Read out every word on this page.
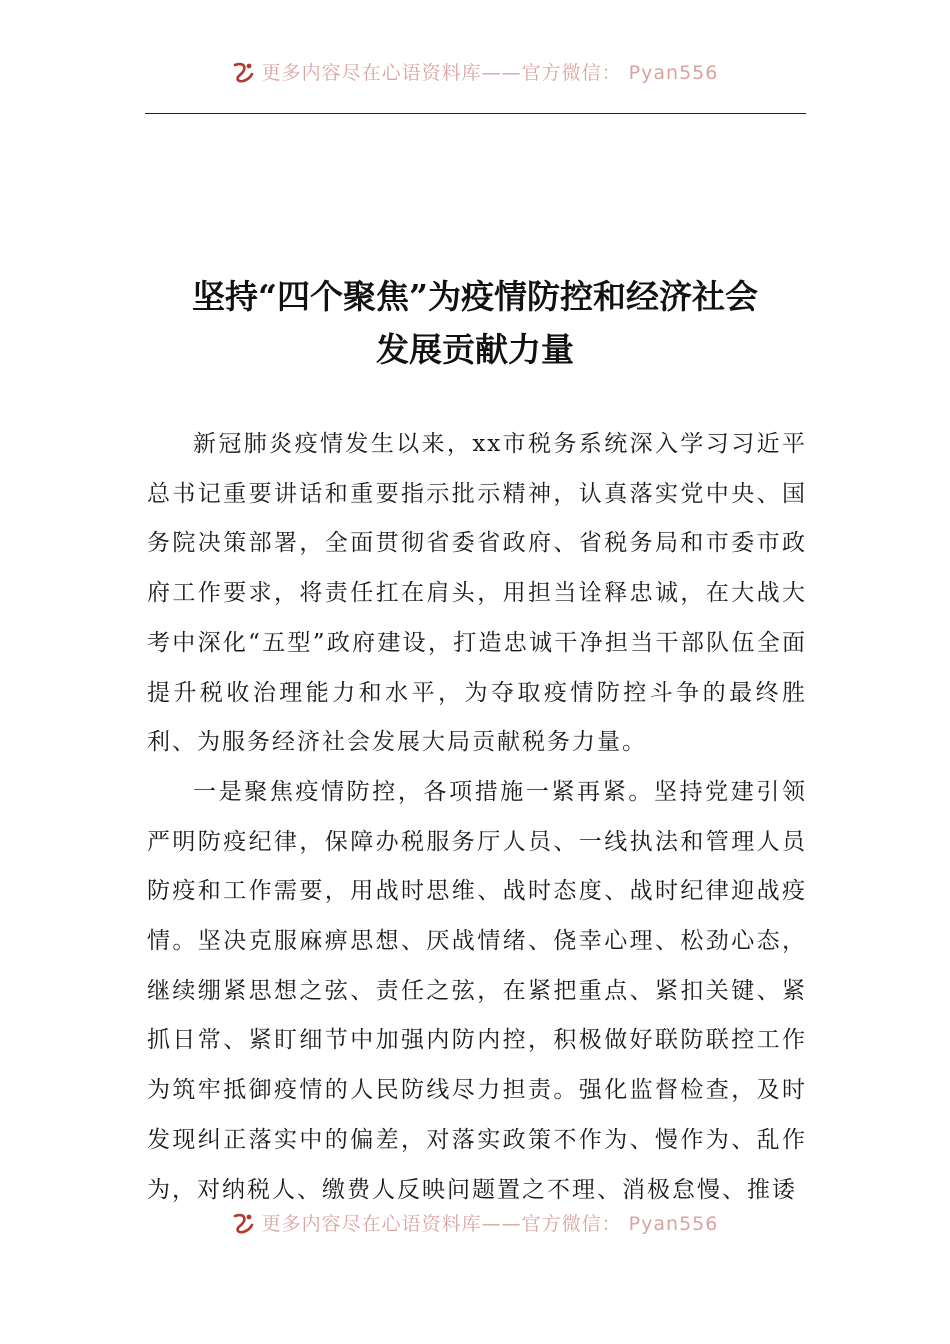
更多内容尽在心语资料库——官方微信： Pyan556
坚持“四个聚焦”为疫情防控和经济社会
发展贡献力量

新冠肺炎疫情发生以来，xx市税务系统深入学习习近平总书记重要讲话和重要指示批示精神，认真落实党中央、国务院决策部署，全面贯彻省委省政府、省税务局和市委市政府工作要求，将责任扛在肩头，用担当诠释忠诚，在大战大考中深化“五型”政府建设，打造忠诚干净担当干部队伍全面提升税收治理能力和水平，为夺取疫情防控斗争的最终胜利、为服务经济社会发展大局贡献税务力量。

一是聚焦疫情防控，各项措施一紧再紧。坚持党建引领严明防疫纪律，保障办税服务厅人员、一线执法和管理人员防疫和工作需要，用战时思维、战时态度、战时纪律迎战疫情。坚决克服麻痹思想、厌战情绪、侥幸心理、松劲心态，继续绷紧思想之弦、责任之弦，在紧把重点、紧扣关键、紧抓日常、紧盯细节中加强内防内控，积极做好联防联控工作为筑牢抵御疫情的人民防线尽力担责。强化监督检查，及时发现纠正落实中的偏差，对落实政策不作为、慢作为、乱作为，对纳税人、缴费人反映问题置之不理、消极怠慢、推诿

更多内容尽在心语资料库——官方微信： Pyan556
